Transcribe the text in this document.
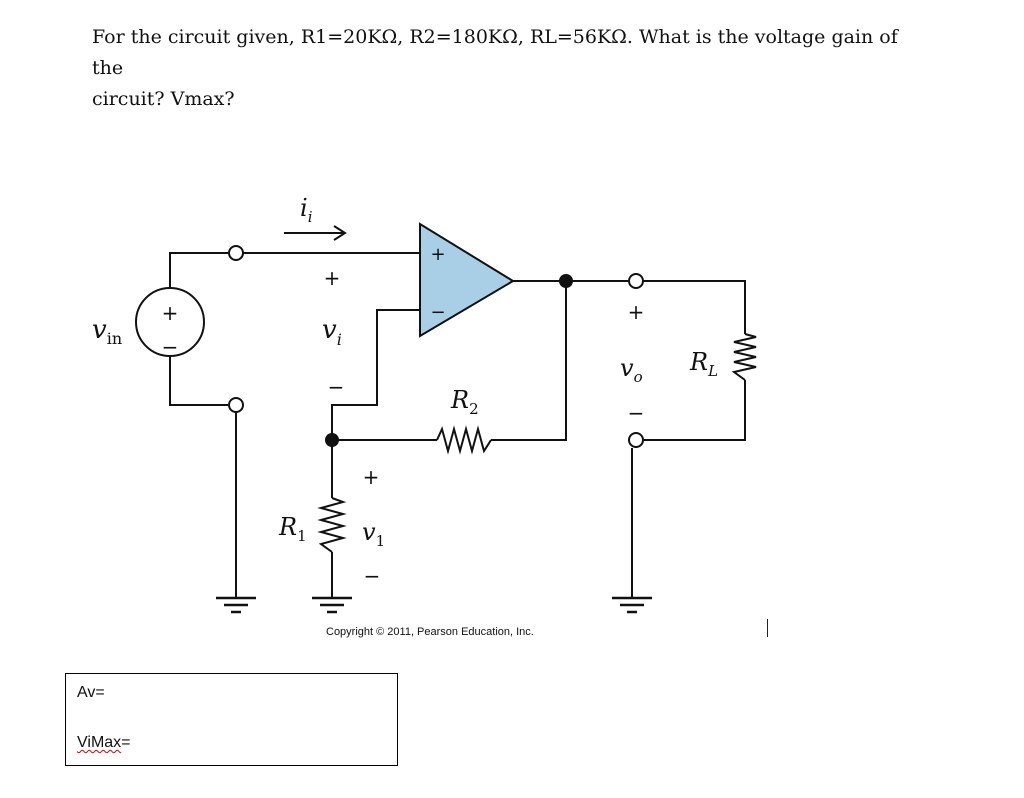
For the circuit given, R1=20KΩ, R2=180KΩ, RL=56KΩ. What is the voltage gain of the
circuit? Vmax?
+
−
+
−
$i_i$
$v_{in}$
+
$v_i$
−	$R_2$
+
$R_1$ $v_1$
−
+
$v_o$
−
$R_L$
Copyright © 2011, Pearson Education, Inc.
Av=
ViMax=
